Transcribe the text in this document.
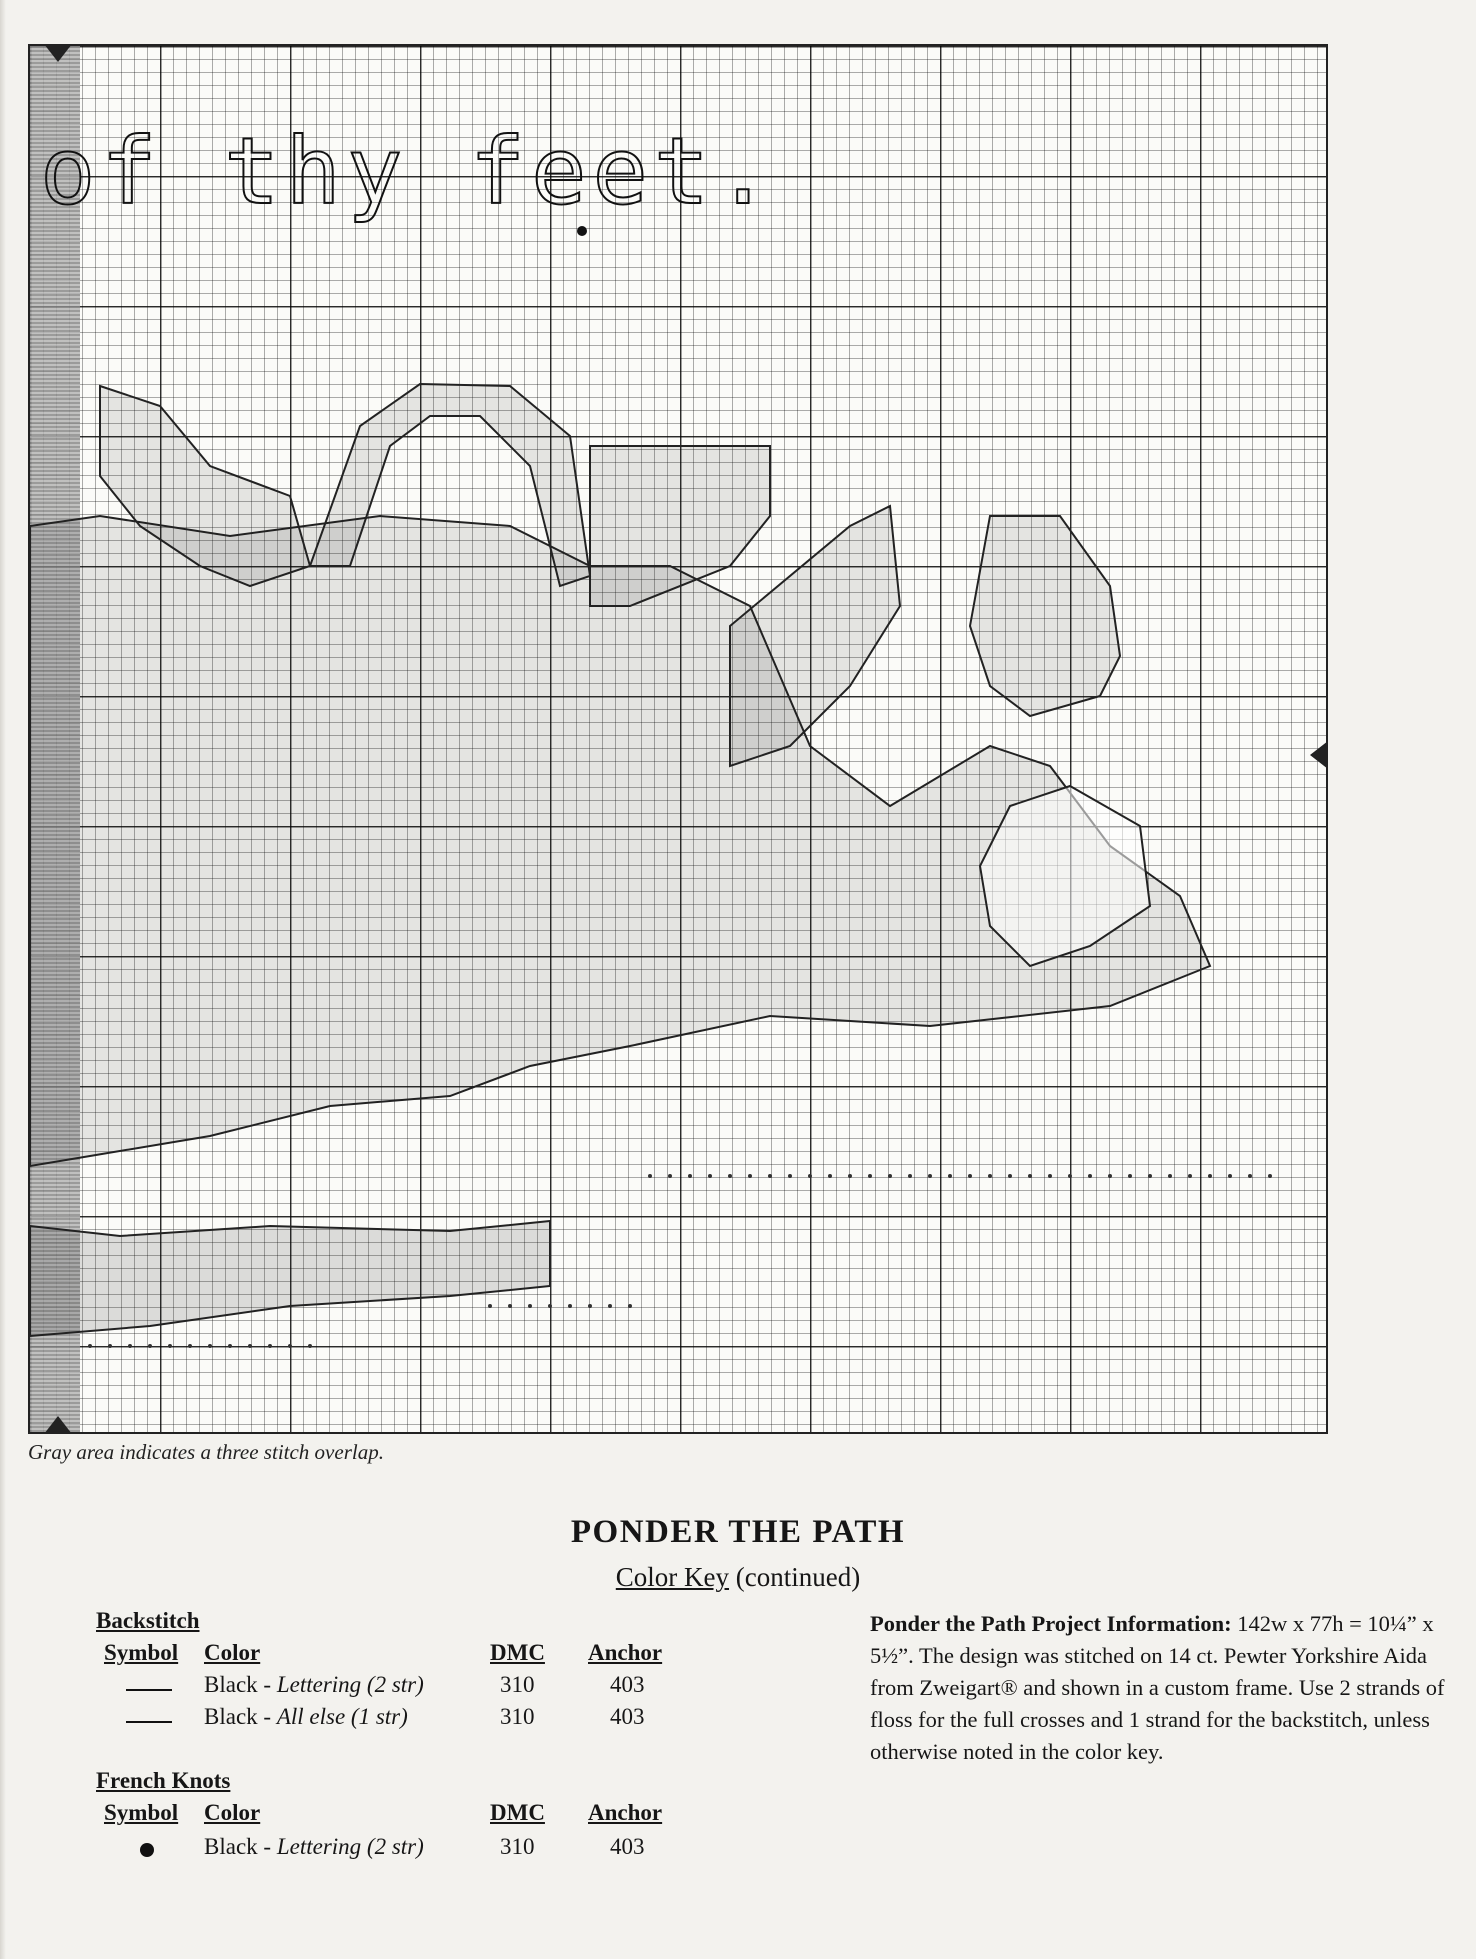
of thy feet.
Gray area indicates a three stitch overlap.
PONDER THE PATH
Color Key (continued)
Backstitch
Symbol Color	DMC Anchor
Black - Lettering (2 str)	310	403
Black - All else (1 str)	310	403
French Knots
Symbol Color	DMC Anchor
Black - Lettering (2 str)	310	403
Ponder the Path Project Information: 142w x 77h = 10¼” x 5½”. The design was stitched on 14 ct. Pewter Yorkshire Aida from Zweigart® and shown in a custom frame. Use 2 strands of floss for the full crosses and 1 strand for the backstitch, unless otherwise noted in the color key.
